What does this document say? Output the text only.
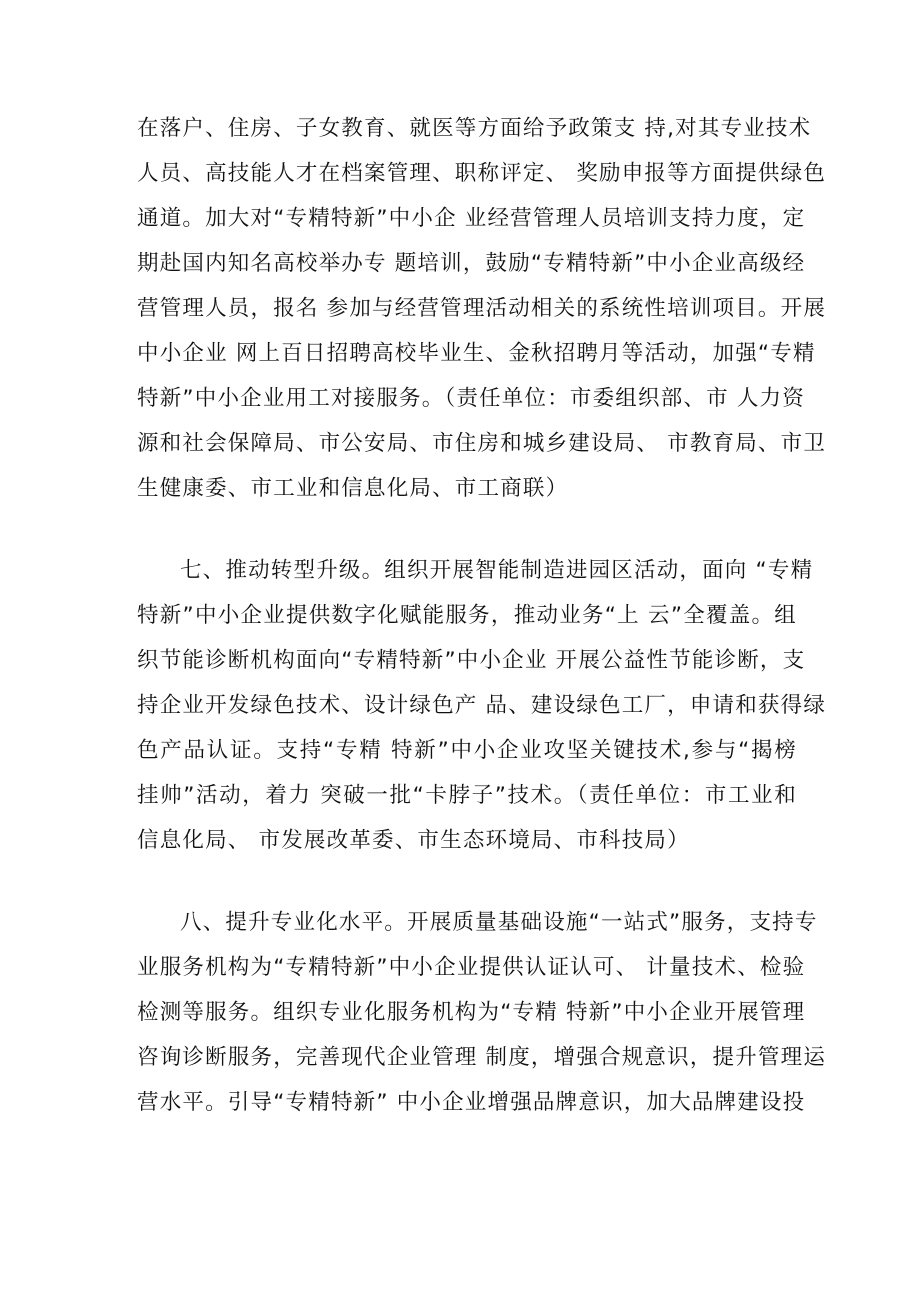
在落户、住房、子女教育、就医等方面给予政策支 持,对其专业技术
人员、高技能人才在档案管理、职称评定、 奖励申报等方面提供绿色
通道。加大对“专精特新”中小企 业经营管理人员培训支持力度，定
期赴国内知名高校举办专 题培训，鼓励“专精特新”中小企业高级经
营管理人员，报名 参加与经营管理活动相关的系统性培训项目。开展
中小企业 网上百日招聘高校毕业生、金秋招聘月等活动，加强“专精
特新”中小企业用工对接服务。（责任单位：市委组织部、市 人力资
源和社会保障局、市公安局、市住房和城乡建设局、 市教育局、市卫
生健康委、市工业和信息化局、市工商联）
七、推动转型升级。组织开展智能制造进园区活动，面向 “专精
特新”中小企业提供数字化赋能服务，推动业务“上 云”全覆盖。组
织节能诊断机构面向“专精特新”中小企业 开展公益性节能诊断，支
持企业开发绿色技术、设计绿色产 品、建设绿色工厂，申请和获得绿
色产品认证。支持“专精 特新”中小企业攻坚关键技术,参与“揭榜
挂帅”活动，着力 突破一批“卡脖子”技术。（责任单位：市工业和
信息化局、 市发展改革委、市生态环境局、市科技局）
八、提升专业化水平。开展质量基础设施“一站式”服务，支持专
业服务机构为“专精特新”中小企业提供认证认可、 计量技术、检验
检测等服务。组织专业化服务机构为“专精 特新”中小企业开展管理
咨询诊断服务，完善现代企业管理 制度，增强合规意识，提升管理运
营水平。引导“专精特新” 中小企业增强品牌意识，加大品牌建设投
